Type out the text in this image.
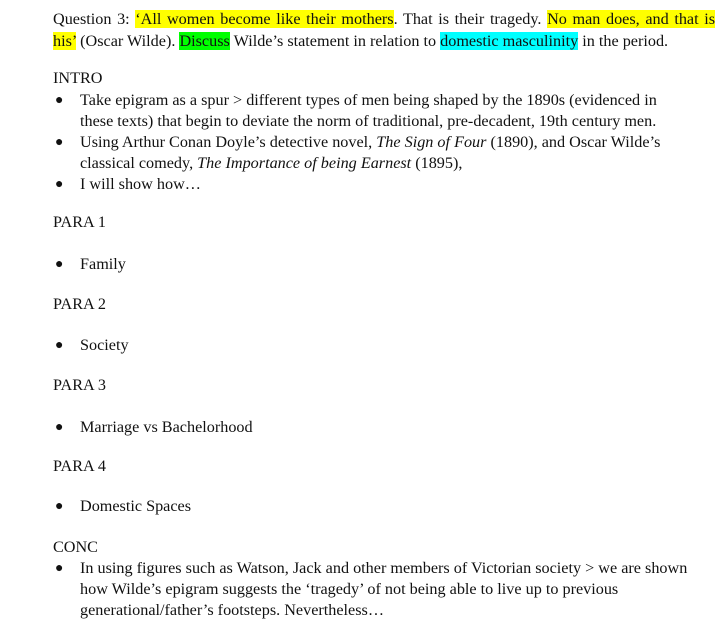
Question 3: ‘All women become like their mothers. That is their tragedy. No man does, and that is his’ (Oscar Wilde). Discuss Wilde’s statement in relation to domestic masculinity in the period.
INTRO
●	Take epigram as a spur > different types of men being shaped by the 1890s (evidenced in these texts) that begin to deviate the norm of traditional, pre-decadent, 19th century men.
●	Using Arthur Conan Doyle’s detective novel, The Sign of Four (1890), and Oscar Wilde’s classical comedy, The Importance of being Earnest (1895),
●	I will show how…
PARA 1
●	Family
PARA 2
●	Society
PARA 3
●	Marriage vs Bachelorhood
PARA 4
●	Domestic Spaces
CONC
●	In using figures such as Watson, Jack and other members of Victorian society > we are shown how Wilde’s epigram suggests the ‘tragedy’ of not being able to live up to previous generational/father’s footsteps. Nevertheless…
